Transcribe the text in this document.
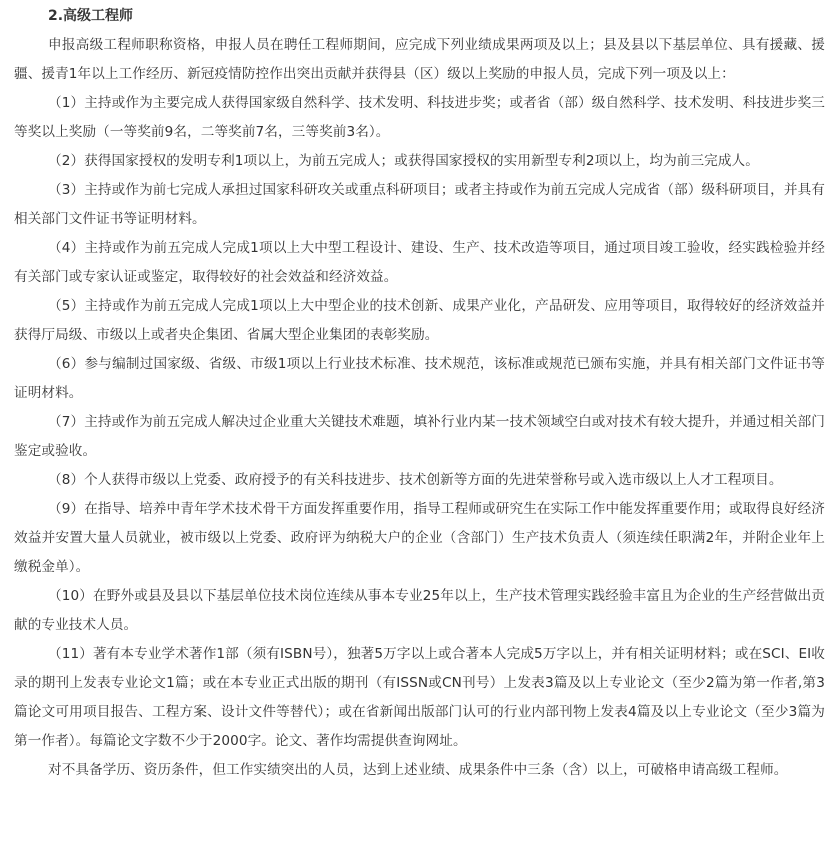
2.高级工程师

申报高级工程师职称资格，申报人员在聘任工程师期间，应完成下列业绩成果两项及以上；县及县以下基层单位、具有援藏、援疆、援青1年以上工作经历、新冠疫情防控作出突出贡献并获得县（区）级以上奖励的申报人员，完成下列一项及以上：

（1）主持或作为主要完成人获得国家级自然科学、技术发明、科技进步奖；或者省（部）级自然科学、技术发明、科技进步奖三等奖以上奖励（一等奖前9名，二等奖前7名，三等奖前3名）。

（2）获得国家授权的发明专利1项以上，为前五完成人；或获得国家授权的实用新型专利2项以上，均为前三完成人。

（3）主持或作为前七完成人承担过国家科研攻关或重点科研项目；或者主持或作为前五完成人完成省（部）级科研项目，并具有相关部门文件证书等证明材料。

（4）主持或作为前五完成人完成1项以上大中型工程设计、建设、生产、技术改造等项目，通过项目竣工验收，经实践检验并经有关部门或专家认证或鉴定，取得较好的社会效益和经济效益。

（5）主持或作为前五完成人完成1项以上大中型企业的技术创新、成果产业化，产品研发、应用等项目，取得较好的经济效益并获得厅局级、市级以上或者央企集团、省属大型企业集团的表彰奖励。

（6）参与编制过国家级、省级、市级1项以上行业技术标准、技术规范，该标准或规范已颁布实施，并具有相关部门文件证书等证明材料。

（7）主持或作为前五完成人解决过企业重大关键技术难题，填补行业内某一技术领域空白或对技术有较大提升，并通过相关部门鉴定或验收。

（8）个人获得市级以上党委、政府授予的有关科技进步、技术创新等方面的先进荣誉称号或入选市级以上人才工程项目。

（9）在指导、培养中青年学术技术骨干方面发挥重要作用，指导工程师或研究生在实际工作中能发挥重要作用；或取得良好经济效益并安置大量人员就业，被市级以上党委、政府评为纳税大户的企业（含部门）生产技术负责人（须连续任职满2年，并附企业年上缴税金单）。

（10）在野外或县及县以下基层单位技术岗位连续从事本专业25年以上，生产技术管理实践经验丰富且为企业的生产经营做出贡献的专业技术人员。

（11）著有本专业学术著作1部（须有ISBN号），独著5万字以上或合著本人完成5万字以上，并有相关证明材料；或在SCI、EI收录的期刊上发表专业论文1篇；或在本专业正式出版的期刊（有ISSN或CN刊号）上发表3篇及以上专业论文（至少2篇为第一作者,第3篇论文可用项目报告、工程方案、设计文件等替代）；或在省新闻出版部门认可的行业内部刊物上发表4篇及以上专业论文（至少3篇为第一作者）。每篇论文字数不少于2000字。论文、著作均需提供查询网址。

对不具备学历、资历条件，但工作实绩突出的人员，达到上述业绩、成果条件中三条（含）以上，可破格申请高级工程师。
